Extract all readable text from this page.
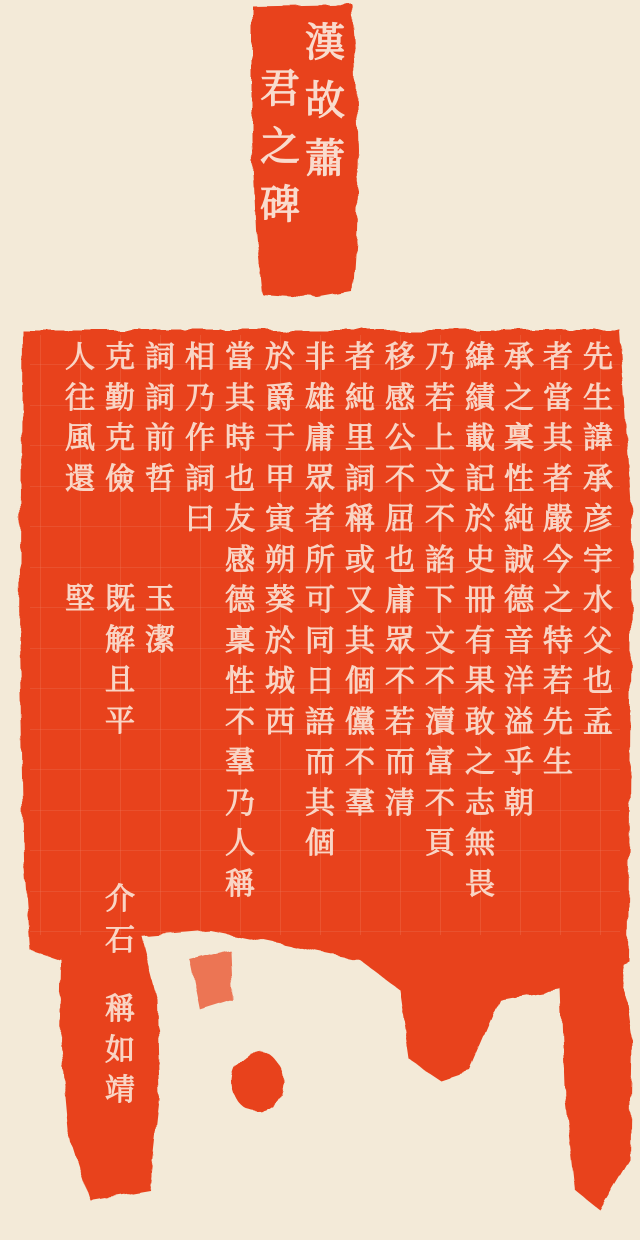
漢
故
蕭
君
之
碑
先
生
諱
承
彦
宇
水
父
也
孟
者
當
其
者
嚴
今
之
特
若
先
生
承
之
稟
性
純
誠
德
音
洋
溢
乎
朝
緯
績
載
記
於
史
冊
有
果
敢
之
志
無
畏
乃
若
上
文
不
諂
下
文
不
瀆
富
不
頁
移
感
公
不
屈
也
庸
眾
不
若
而
清
者
純
里
詞
稱
或
又
其
個
儻
不
羣
非
雄
庸
眾
者
所
可
同
日
語
而
其
個
於
爵
于
甲
寅
朔
葵
於
城
西
當
其
時
也
友
感
德
稟
性
不
羣
乃
人
稱
相
乃
作
詞
曰
詞
詞
前
哲
克
勤
克
儉
人
往
風
還
玉
潔
既
解
且
平
堅
介
石
稱
如
靖
